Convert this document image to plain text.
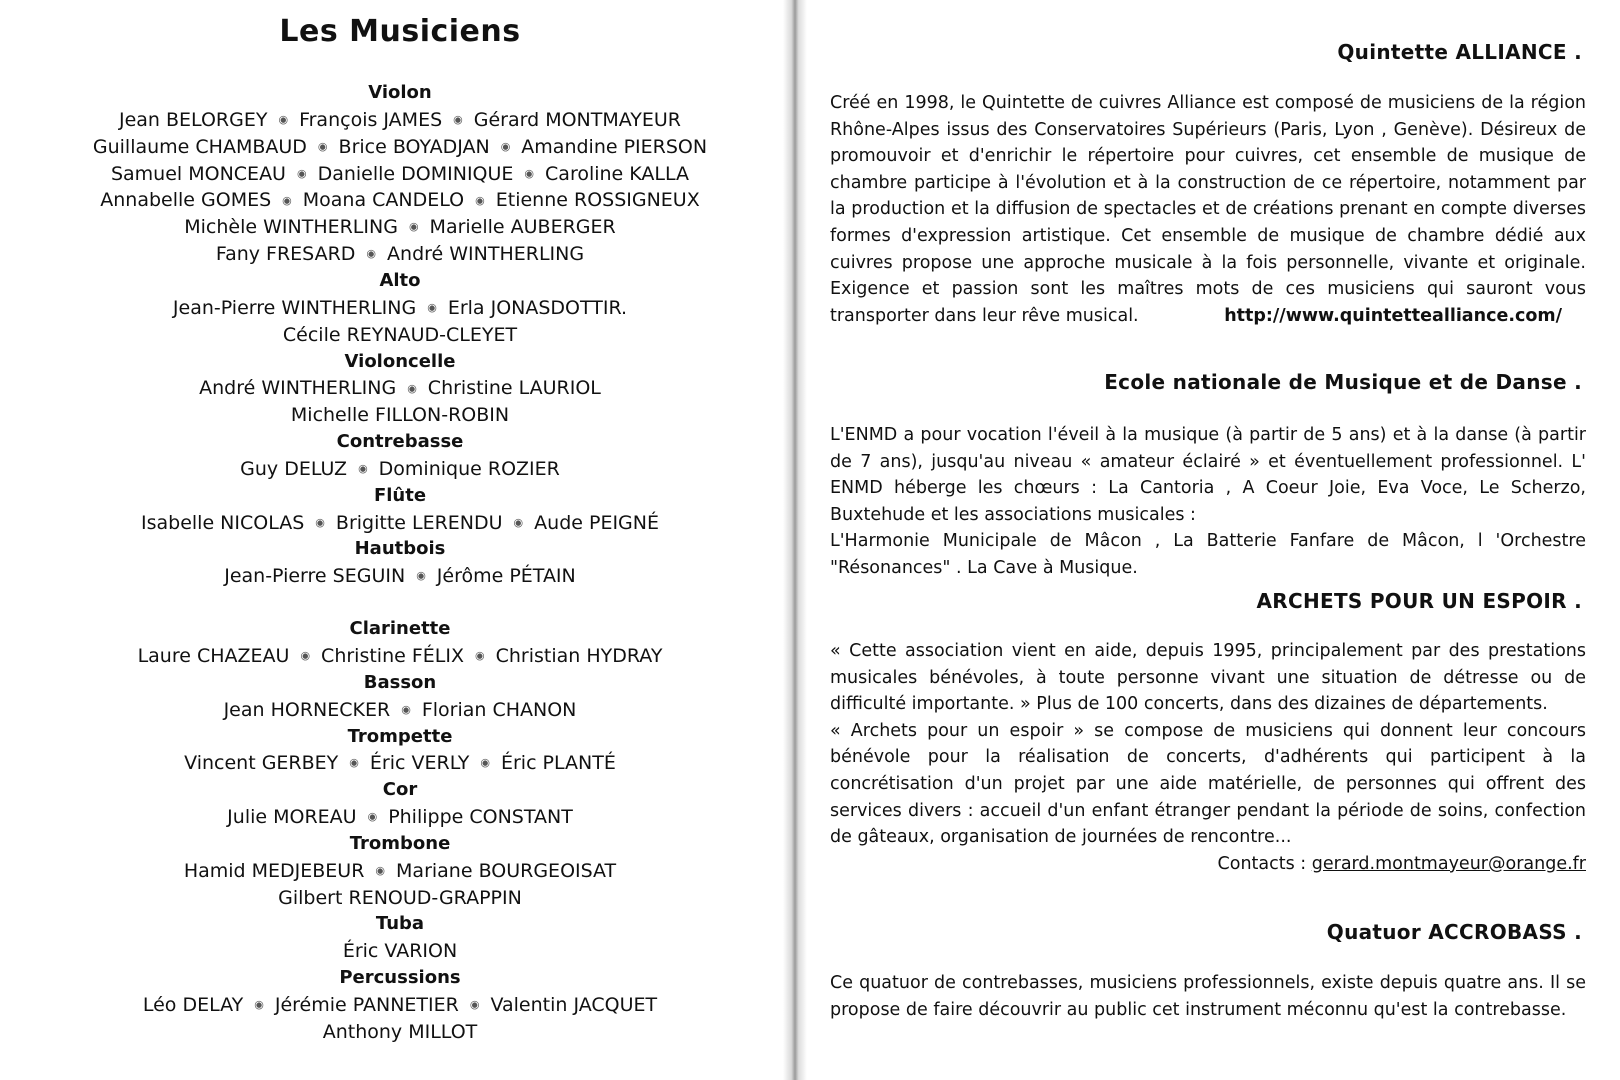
Les Musiciens
Violon
Jean BELORGEY ◉ François JAMES ◉ Gérard MONTMAYEUR
Guillaume CHAMBAUD ◉ Brice BOYADJAN ◉ Amandine PIERSON
Samuel MONCEAU ◉ Danielle DOMINIQUE ◉ Caroline KALLA
Annabelle GOMES ◉ Moana CANDELO ◉ Etienne ROSSIGNEUX
Michèle WINTHERLING ◉ Marielle AUBERGER
Fany FRESARD ◉ André WINTHERLING
Alto
Jean-Pierre WINTHERLING ◉ Erla JONASDOTTIR.
Cécile REYNAUD-CLEYET
Violoncelle
André WINTHERLING ◉ Christine LAURIOL
Michelle FILLON-ROBIN
Contrebasse
Guy DELUZ ◉ Dominique ROZIER
Flûte
Isabelle NICOLAS ◉ Brigitte LERENDU ◉ Aude PEIGNÉ
Hautbois
Jean-Pierre SEGUIN ◉ Jérôme PÉTAIN
Clarinette
Laure CHAZEAU ◉ Christine FÉLIX ◉ Christian HYDRAY
Basson
Jean HORNECKER ◉ Florian CHANON
Trompette
Vincent GERBEY ◉ Éric VERLY ◉ Éric PLANTÉ
Cor
Julie MOREAU ◉ Philippe CONSTANT
Trombone
Hamid MEDJEBEUR ◉ Mariane BOURGEOISAT
Gilbert RENOUD-GRAPPIN
Tuba
Éric VARION
Percussions
Léo DELAY ◉ Jérémie PANNETIER ◉ Valentin JACQUET
Anthony MILLOT
Quintette ALLIANCE .

Créé en 1998, le Quintette de cuivres Alliance est composé de musiciens de la région Rhône-Alpes issus des Conservatoires Supérieurs (Paris, Lyon , Genève). Désireux de promouvoir et d'enrichir le répertoire pour cuivres, cet ensemble de musique de chambre participe à l'évolution et à la construction de ce répertoire, notamment par la production et la diffusion de spectacles et de créations prenant en compte diverses formes d'expression artistique. Cet ensemble de musique de chambre dédié aux cuivres propose une approche musicale à la fois personnelle, vivante et originale. Exigence et passion sont les maîtres mots de ces musiciens qui sauront vous transporter dans leur rêve musical.	http://www.quintettealliance.com/

Ecole nationale de Musique et de Danse .

L'ENMD a pour vocation l'éveil à la musique (à partir de 5 ans) et à la danse (à partir de 7 ans), jusqu'au niveau « amateur éclairé » et éventuellement professionnel. L' ENMD héberge les chœurs : La Cantoria , A Coeur Joie, Eva Voce, Le Scherzo, Buxtehude et les associations musicales :

L'Harmonie Municipale de Mâcon , La Batterie Fanfare de Mâcon, l 'Orchestre "Résonances" . La Cave à Musique.

ARCHETS POUR UN ESPOIR .

« Cette association vient en aide, depuis 1995, principalement par des prestations musicales bénévoles, à toute personne vivant une situation de détresse ou de difficulté importante. » Plus de 100 concerts, dans des dizaines de départements.

« Archets pour un espoir » se compose de musiciens qui donnent leur concours bénévole pour la réalisation de concerts, d'adhérents qui participent à la concrétisation d'un projet par une aide matérielle, de personnes qui offrent des services divers : accueil d'un enfant étranger pendant la période de soins, confection de gâteaux, organisation de journées de rencontre...

Contacts : gerard.montmayeur@orange.fr

Quatuor ACCROBASS .

Ce quatuor de contrebasses, musiciens professionnels, existe depuis quatre ans. Il se propose de faire découvrir au public cet instrument méconnu qu'est la contrebasse.
